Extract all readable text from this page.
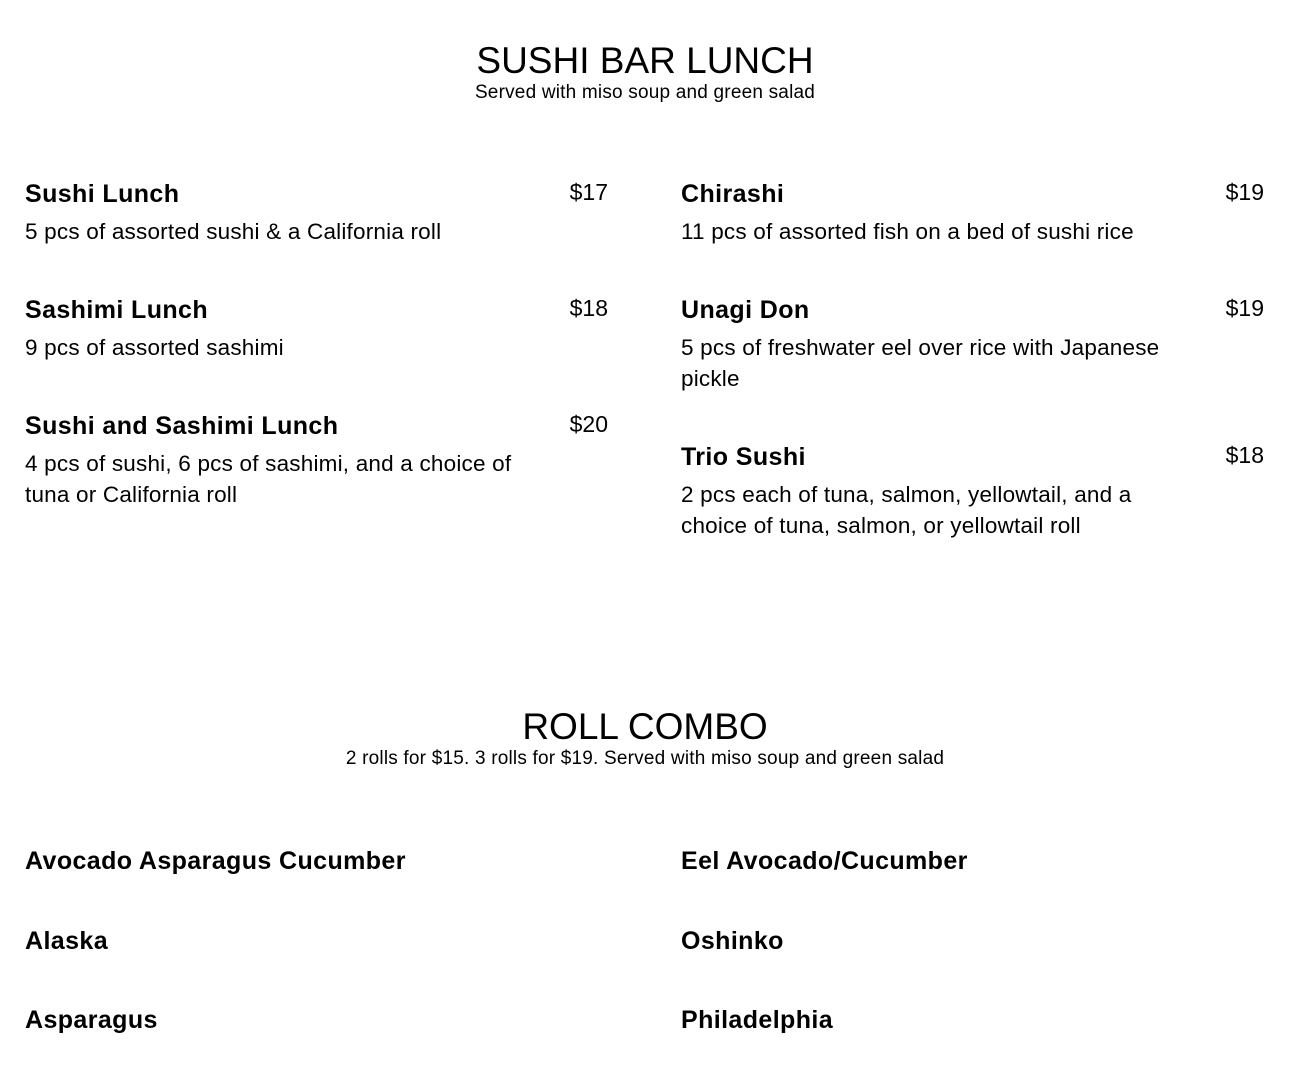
SUSHI BAR LUNCH

Served with miso soup and green salad

Sushi Lunch	$17
5 pcs of assorted sushi & a California roll
Sashimi Lunch	$18
9 pcs of assorted sashimi
Sushi and Sashimi Lunch	$20
4 pcs of sushi, 6 pcs of sashimi, and a choice of tuna or California roll
Chirashi	$19
11 pcs of assorted fish on a bed of sushi rice
Unagi Don	$19
5 pcs of freshwater eel over rice with Japanese pickle
Trio Sushi	$18
2 pcs each of tuna, salmon, yellowtail, and a choice of tuna, salmon, or yellowtail roll
ROLL COMBO

2 rolls for $15. 3 rolls for $19. Served with miso soup and green salad

Avocado Asparagus Cucumber
Alaska
Asparagus
Eel Avocado/Cucumber
Oshinko
Philadelphia
